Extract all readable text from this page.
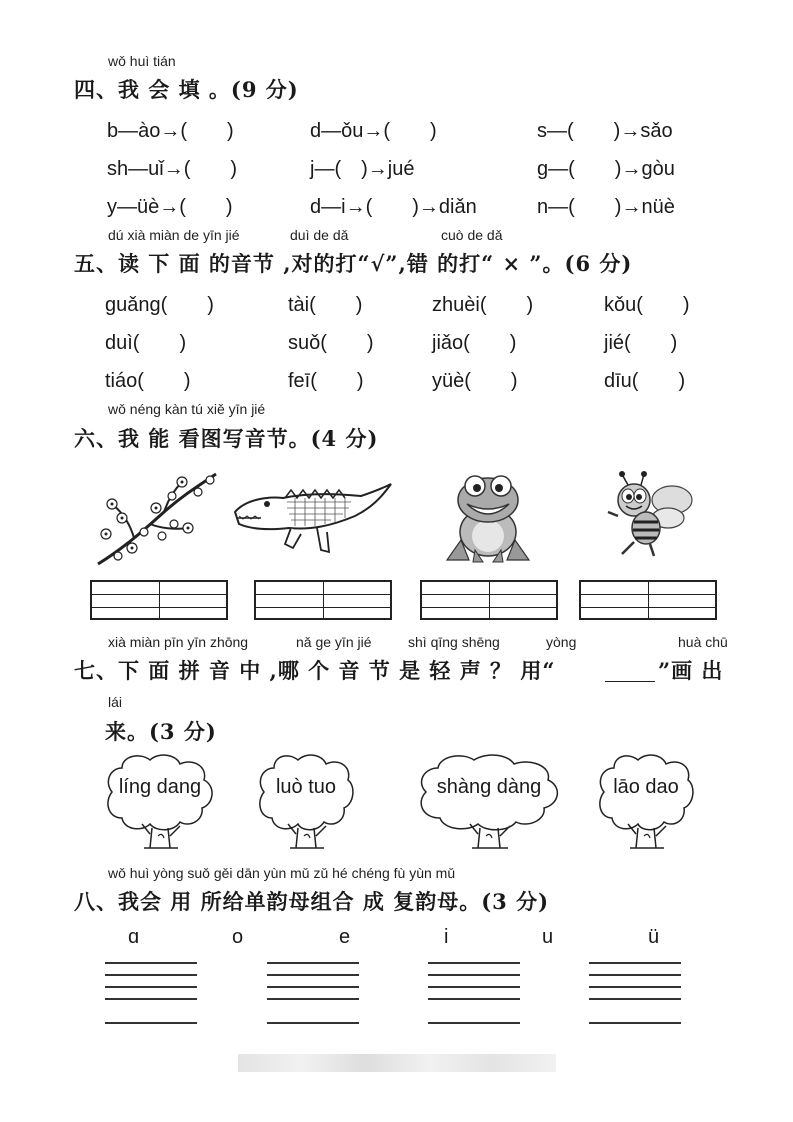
wǒ huì tián
四、我 会 填 。(9 分)
b—ào→(　　)	d—ǒu→(　　)	s—(　　)→sǎo
sh—uǐ→(　　)	j—(　)→jué	g—(　　)→gòu
y—üè→(　　)	d—i→(　　)→diǎn	n—(　　)→nüè
dú xià miàn de yīn jié	duì de dǎ	cuò de dǎ
五、读 下 面 的音节 ,对的打“√”,错 的打“ × ”。(6 分)
guǎng(　　)	tài(　　)	zhuèi(　　)	kǒu(　　)
duì(　　)	suǒ(　　)	jiǎo(　　)	jié(　　)
tiáo(　　)	feī(　　)	yüè(　　)	dīu(　　)
wǒ néng kàn tú xiě yīn jié
六、我 能 看图写音节。(4 分)
xià miàn pīn yīn zhōng	nǎ ge yīn jié	shì qīng shēng	yòng	huà chū
七、下 面 拼 音 中 ,哪 个 音 节 是 轻 声 ？ 用“	”画 出
lái
来。(3 分)
líng dang	luò tuo	shàng dàng	lāo dao
wǒ huì yòng suǒ gěi dān yùn mǔ zǔ hé chéng fù yùn mǔ
八、我会 用 所给单韵母组合 成 复韵母。(3 分)
ɑ	o	e	i	u	ü
